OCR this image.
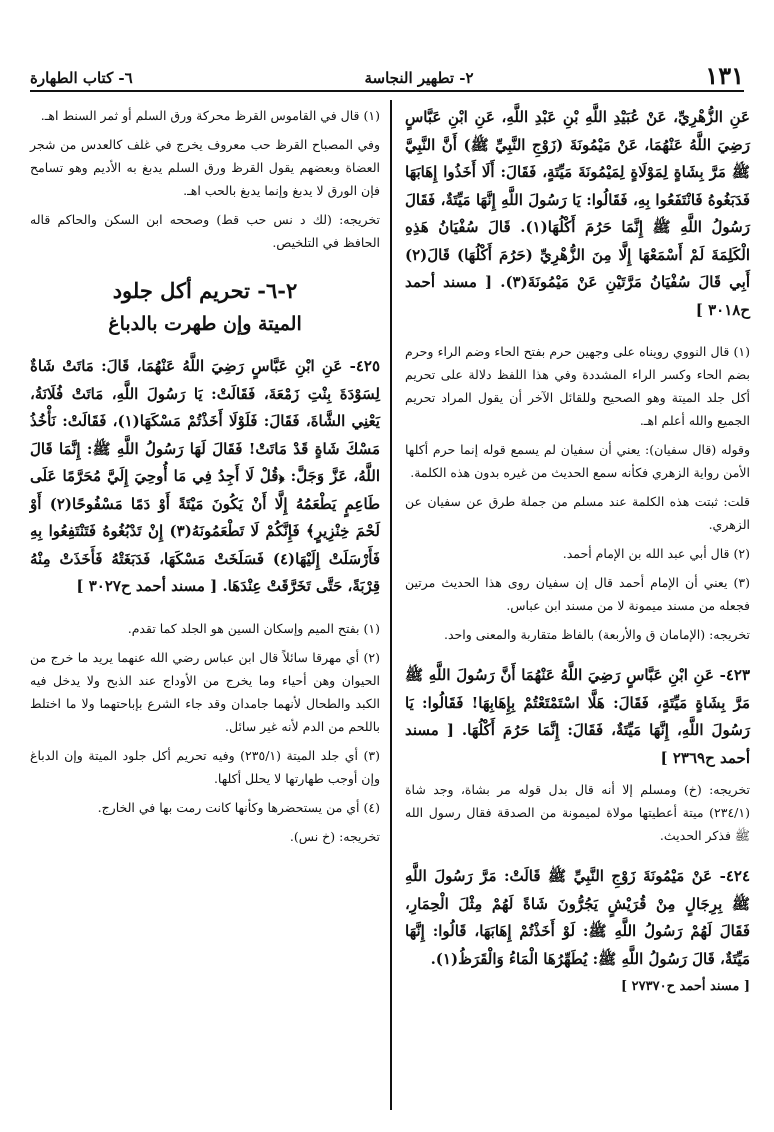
٦- كتاب الطهارة	٢- تطهير النجاسة	١٣١

عَنِ الزُّهْرِيِّ، عَنْ عُبَيْدِ اللَّهِ بْنِ عَبْدِ اللَّهِ، عَنِ ابْنِ عَبَّاسٍ رَضِيَ اللَّهُ عَنْهُمَا، عَنْ مَيْمُونَةَ (زَوْجِ النَّبِيِّ ﷺ) أَنَّ النَّبِيَّ ﷺ مَرَّ بِشَاةٍ لِمَوْلَاةٍ لِمَيْمُونَةَ مَيِّتَةٍ، فَقَالَ: أَلَا أَخَذُوا إِهَابَهَا فَدَبَغُوهُ فَانْتَفَعُوا بِهِ، فَقَالُوا: يَا رَسُولَ اللَّهِ إِنَّهَا مَيِّتَةٌ، فَقَالَ رَسُولُ اللَّهِ ﷺ إِنَّمَا حَرُمَ أَكْلُهَا(١). قَالَ سُفْيَانُ هَذِهِ الْكَلِمَةَ لَمْ أَسْمَعْهَا إِلَّا مِنَ الزُّهْرِيِّ (حَرُمَ أَكْلُهَا) قَالَ(٢) أَبِي قَالَ سُفْيَانُ مَرَّتَيْنِ عَنْ مَيْمُونَةَ(٣). [ مسند أحمد ح٣٠١٨ ]

(١) قال النووي رويناه على وجهين حرم بفتح الحاء وضم الراء وحرم بضم الحاء وكسر الراء المشددة وفي هذا اللفظ دلالة على تحريم أكل جلد الميتة وهو الصحيح وللقائل الآخر أن يقول المراد تحريم الجميع والله أعلم اهـ.

وقوله (قال سفيان): يعني أن سفيان لم يسمع قوله إنما حرم أكلها الأمن رواية الزهري فكأنه سمع الحديث من غيره بدون هذه الكلمة.

قلت: ثبتت هذه الكلمة عند مسلم من جملة طرق عن سفيان عن الزهري.

(٢) قال أبي عبد الله بن الإمام أحمد.

(٣) يعني أن الإمام أحمد قال إن سفيان روى هذا الحديث مرتين فجعله من مسند ميمونة لا من مسند ابن عباس.

تخريجه: (الإمامان ق والأربعة) بالفاظ متقاربة والمعنى واحد.

٤٢٣- عَنِ ابْنِ عَبَّاسٍ رَضِيَ اللَّهُ عَنْهُمَا أَنَّ رَسُولَ اللَّهِ ﷺ مَرَّ بِشَاةٍ مَيِّتَةٍ، فَقَالَ: هَلَّا اسْتَمْتَعْتُمْ بِإِهَابِهَا! فَقَالُوا: يَا رَسُولَ اللَّهِ، إِنَّهَا مَيِّتَةٌ، فَقَالَ: إِنَّمَا حَرُمَ أَكْلُهَا. [ مسند أحمد ح٢٣٦٩ ]

تخريجه: (خ) ومسلم إلا أنه قال بدل قوله مر بشاة، وجد شاة (٢٣٤/١) ميتة أعطيتها مولاة لميمونة من الصدقة فقال رسول الله ﷺ فذكر الحديث.

٤٢٤- عَنْ مَيْمُونَةَ زَوْجِ النَّبِيِّ ﷺ قَالَتْ: مَرَّ رَسُولَ اللَّهِ ﷺ بِرِجَالٍ مِنْ قُرَيْشٍ يَجُرُّونَ شَاةً لَهُمْ مِثْلَ الْحِمَارِ، فَقَالَ لَهُمْ رَسُولُ اللَّهِ ﷺ: لَوْ أَخَذْتُمْ إِهَابَهَا، قَالُوا: إِنَّهَا مَيِّتَةٌ، قَالَ رَسُولُ اللَّهِ ﷺ: يُطَهِّرُهَا الْمَاءُ وَالْقَرَظُ(١).

[ مسند أحمد ح٢٧٣٧٠ ]

(١) قال في القاموس القرظ محركة ورق السلم أو ثمر السنط اهـ.

وفي المصباح القرظ حب معروف يخرج في غلف كالعدس من شجر العضاة وبعضهم يقول القرظ ورق السلم يدبغ به الأديم وهو تسامح فإن الورق لا يدبغ وإنما يدبغ بالحب اهـ.

تخريجه: (لك د نس حب قط) وصححه ابن السكن والحاكم قاله الحافظ في التلخيص.

٢-٦- تحريم أكل جلود
الميتة وإن طهرت بالدباغ

٤٢٥- عَنِ ابْنِ عَبَّاسٍ رَضِيَ اللَّهُ عَنْهُمَا، قَالَ: مَاتَتْ شَاةٌ لِسَوْدَةَ بِنْتِ زَمْعَةَ، فَقَالَتْ: يَا رَسُولَ اللَّهِ، مَاتَتْ فُلَانَةُ، يَعْنِي الشَّاةَ، فَقَالَ: فَلَوْلَا أَخَذْتُمْ مَسْكَهَا(١)، فَقَالَتْ: نَأْخُذُ مَسْكَ شَاةٍ قَدْ مَاتَتْ! فَقَالَ لَهَا رَسُولُ اللَّهِ ﷺ: إِنَّمَا قَالَ اللَّهُ، عَزَّ وَجَلَّ: ﴿قُلْ لَا أَجِدُ فِي مَا أُوحِيَ إِلَيَّ مُحَرَّمًا عَلَى طَاعِمٍ يَطْعَمُهُ إِلَّا أَنْ يَكُونَ مَيْتَةً أَوْ دَمًا مَسْفُوحًا(٢) أَوْ لَحْمَ خِنْزِيرٍ﴾ فَإِنَّكُمْ لَا تَطْعَمُونَهُ(٣) إِنْ تَدْبُغُوهُ فَتَنْتَفِعُوا بِهِ فَأَرْسَلَتْ إِلَيْهَا(٤) فَسَلَخَتْ مَسْكَهَا، فَدَبَغَتْهُ فَأَخَذَتْ مِنْهُ قِرْبَةً، حَتَّى تَخَرَّقَتْ عِنْدَهَا. [ مسند أحمد ح٣٠٢٧ ]

(١) بفتح الميم وإسكان السين هو الجلد كما تقدم.

(٢) أي مهرقا سائلاً قال ابن عباس رضي الله عنهما يريد ما خرج من الحيوان وهن أحياء وما يخرج من الأوداج عند الذبح ولا يدخل فيه الكبد والطحال لأنهما جامدان وقد جاء الشرع بإباحتهما ولا ما اختلط باللحم من الدم لأنه غير سائل.

(٣) أي جلد الميتة (٢٣٥/١) وفيه تحريم أكل جلود الميتة وإن الدباغ وإن أوجب طهارتها لا يحلل أكلها.

(٤) أي من يستحضرها وكأنها كانت رمت بها في الخارج.

تخريجه: (خ نس).
